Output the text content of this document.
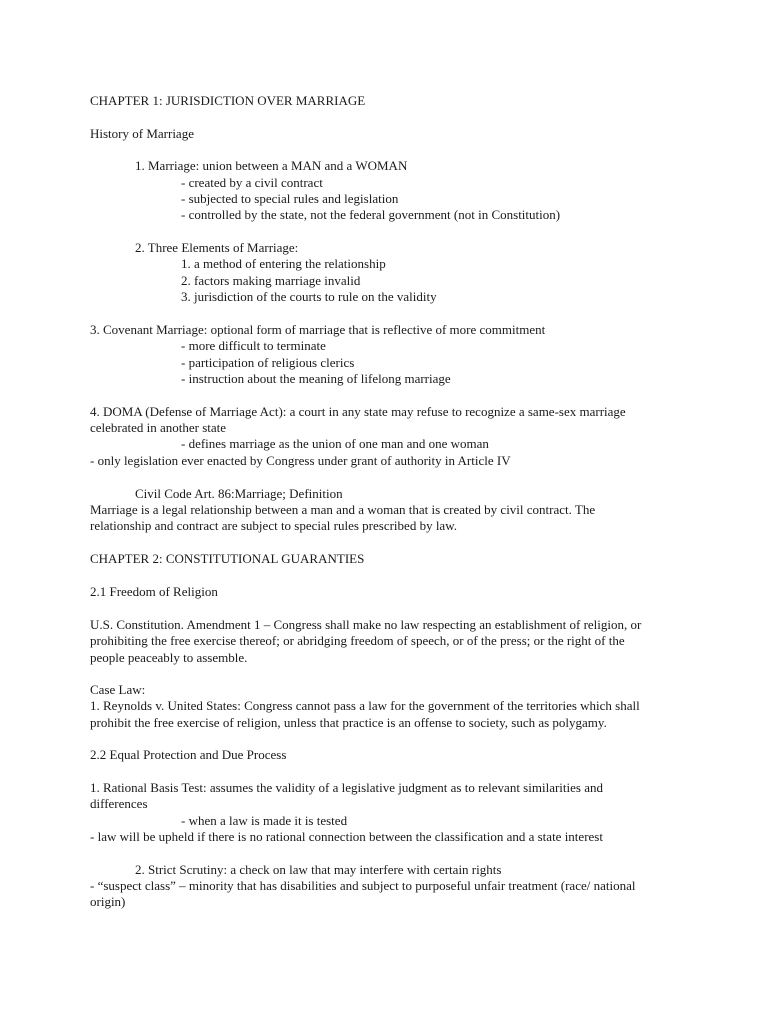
CHAPTER 1: JURISDICTION OVER MARRIAGE
History of Marriage
1. Marriage: union between a MAN and a WOMAN
- created by a civil contract
- subjected to special rules and legislation
- controlled by the state, not the federal government (not in Constitution)
2. Three Elements of Marriage:
1. a method of entering the relationship
2. factors making marriage invalid
3. jurisdiction of the courts to rule on the validity
3. Covenant Marriage: optional form of marriage that is reflective of more commitment
- more difficult to terminate
- participation of religious clerics
- instruction about the meaning of lifelong marriage
4. DOMA (Defense of Marriage Act): a court in any state may refuse to recognize a same-sex marriage
celebrated in another state
- defines marriage as the union of one man and one woman
- only legislation ever enacted by Congress under grant of authority in Article IV
Civil Code Art. 86:Marriage; Definition
Marriage is a legal relationship between a man and a woman that is created by civil contract. The
relationship and contract are subject to special rules prescribed by law.
CHAPTER 2: CONSTITUTIONAL GUARANTIES
2.1 Freedom of Religion
U.S. Constitution. Amendment 1 – Congress shall make no law respecting an establishment of religion, or
prohibiting the free exercise thereof; or abridging freedom of speech, or of the press; or the right of the
people peaceably to assemble.
Case Law:
1. Reynolds v. United States: Congress cannot pass a law for the government of the territories which shall
prohibit the free exercise of religion, unless that practice is an offense to society, such as polygamy.
2.2 Equal Protection and Due Process
1. Rational Basis Test: assumes the validity of a legislative judgment as to relevant similarities and
differences
- when a law is made it is tested
- law will be upheld if there is no rational connection between the classification and a state interest
2. Strict Scrutiny: a check on law that may interfere with certain rights
- “suspect class” – minority that has disabilities and subject to purposeful unfair treatment (race/ national
origin)
